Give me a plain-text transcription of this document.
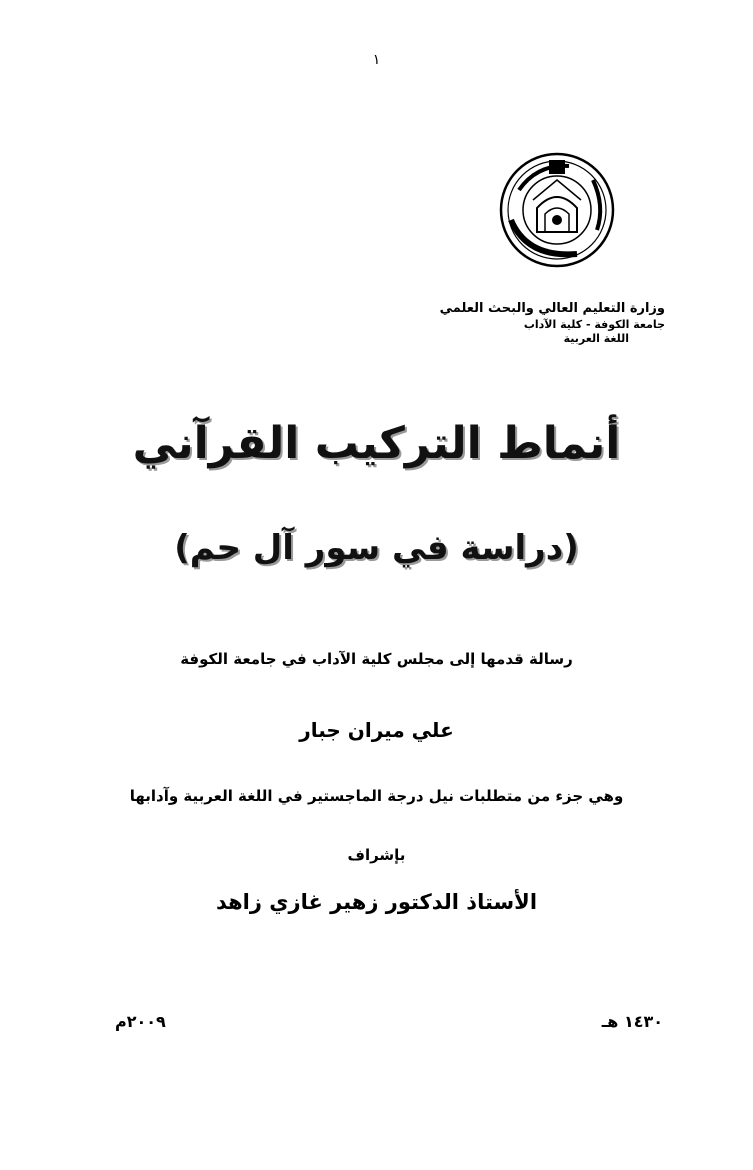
١
وزارة التعليم العالي والبحث العلمي
جامعة الكوفة - كلية الآداب
اللغة العربية
أنماط التركيب القرآني
(دراسة في سور آل حم)
رسالة قدمها إلى مجلس كلية الآداب في جامعة الكوفة
علي ميران جبار
وهي جزء من متطلبات نيل درجة الماجستير في اللغة العربية وآدابها
بإشراف
الأستاذ الدكتور زهير غازي زاهد
١٤٣٠ هـ
٢٠٠٩م
